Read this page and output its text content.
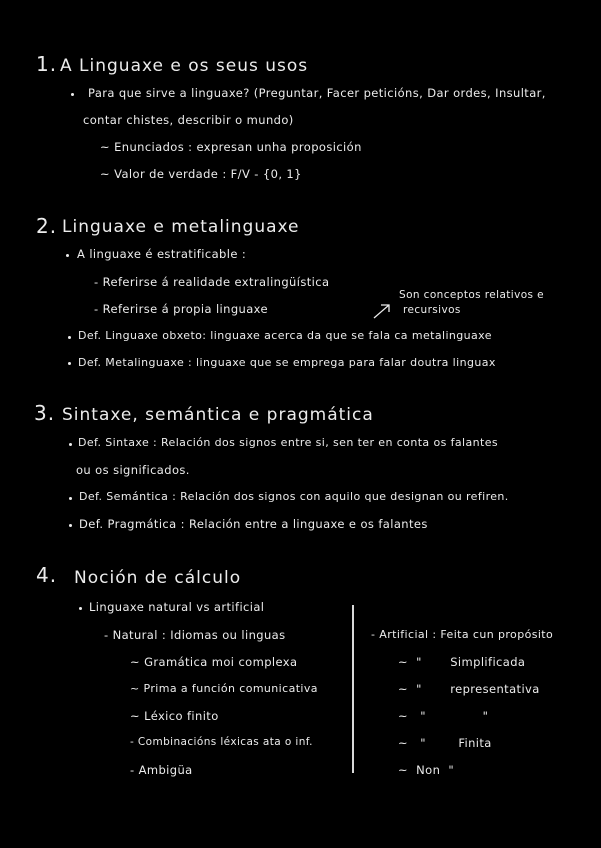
1. A Linguaxe e os seus usos
Para que sirve a linguaxe? (Preguntar, Facer peticións, Dar ordes, Insultar,
contar chistes, describir o mundo)
~ Enunciados : expresan unha proposición
~ Valor de verdade : F/V - {0, 1}
2. Linguaxe e metalinguaxe
A linguaxe é estratificable :
- Referirse á realidade extralingüística
- Referirse á propia linguaxe
Son conceptos relativos e
recursivos
Def. Linguaxe obxeto: linguaxe acerca da que se fala ca metalinguaxe
Def. Metalinguaxe : linguaxe que se emprega para falar doutra linguax
3. Sintaxe, semántica e pragmática
Def. Sintaxe : Relación dos signos entre si, sen ter en conta os falantes
ou os significados.
Def. Semántica : Relación dos signos con aquilo que designan ou refiren.
Def. Pragmática : Relación entre a linguaxe e os falantes
4. Noción de cálculo
Linguaxe natural vs artificial
- Natural : Idiomas ou linguas
~ Gramática moi complexa
~ Prima a función comunicativa
~ Léxico finito
- Combinacións léxicas ata o inf.
- Ambigüa
- Artificial : Feita cun propósito
~  "       Simplificada
~  "       representativa
~   "              "
~   "        Finita
~  Non  "
